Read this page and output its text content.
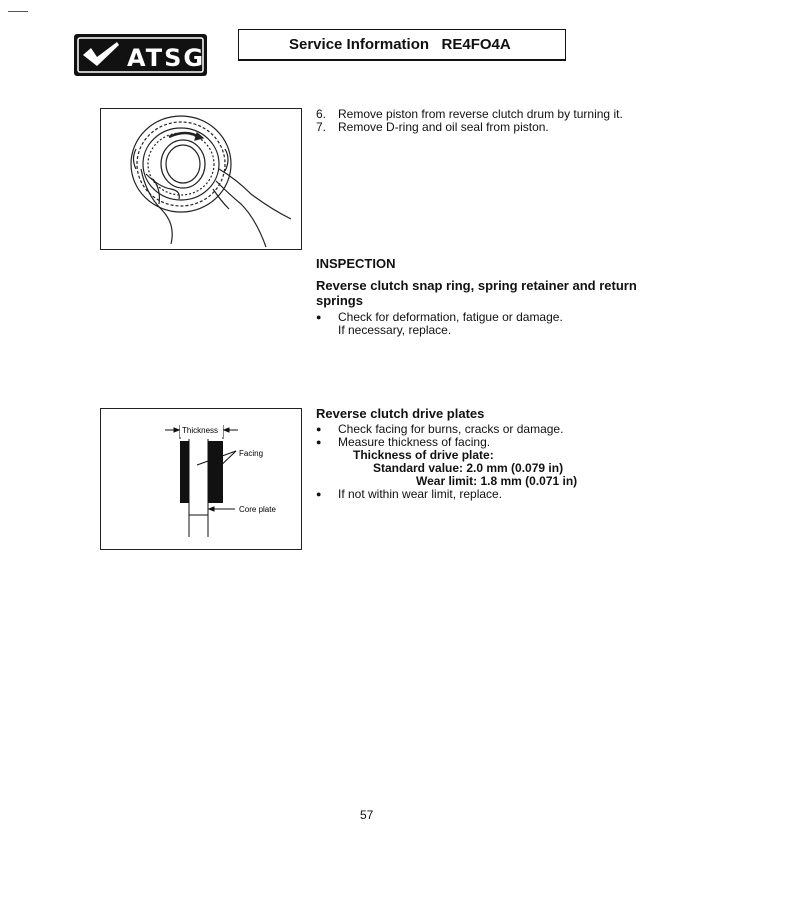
ATSG	Service Information   RE4FO4A
6. Remove piston from reverse clutch drum by turning it.
7. Remove D-ring and oil seal from piston.
INSPECTION
Reverse clutch snap ring, spring retainer and return
springs
●	Check for deformation, fatigue or damage.
If necessary, replace.
Thickness
Facing
Core plate
Reverse clutch drive plates
●	Check facing for burns, cracks or damage.
●	Measure thickness of facing.
Thickness of drive plate:
Standard value: 2.0 mm (0.079 in)
Wear limit: 1.8 mm (0.071 in)
●	If not within wear limit, replace.
57
